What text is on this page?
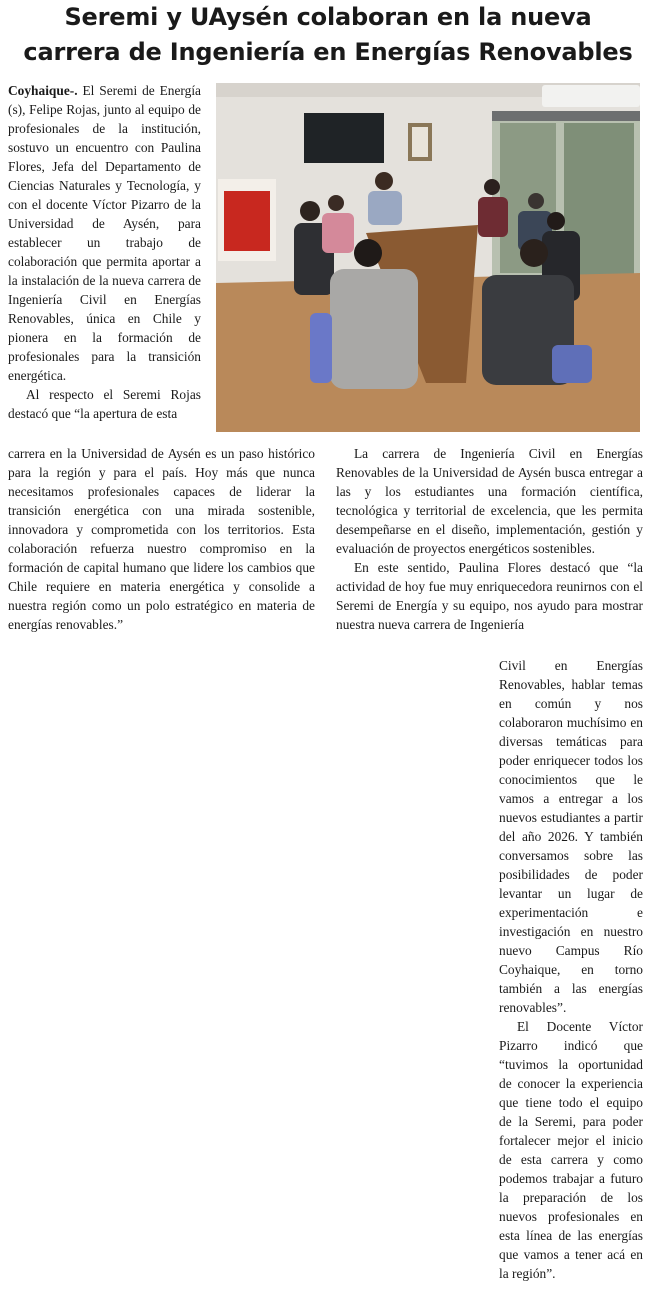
Seremi y UAysén colaboran en la nueva
carrera de Ingeniería en Energías Renovables

Coyhaique-. El Seremi de Energía (s), Felipe Rojas, junto al equipo de profesionales de la institución, sostuvo un encuentro con Paulina Flores, Jefa del Departamento de Ciencias Naturales y Tecnología, y con el docente Víctor Pizarro de la Universidad de Aysén, para establecer un trabajo de colaboración que permita aportar a la instalación de la nueva carrera de Ingeniería Civil en Energías Renovables, única en Chile y pionera en la formación de profesionales para la transición energética.

Al respecto el Seremi Rojas destacó que “la apertura de esta

carrera en la Universidad de Aysén es un paso histórico para la región y para el país. Hoy más que nunca necesitamos profesionales capaces de liderar la transición energética con una mirada sostenible, innovadora y comprometida con los territorios. Esta colaboración refuerza nuestro compromiso en la formación de capital humano que lidere los cambios que Chile requiere en materia energética y consolide a nuestra región como un polo estratégico en materia de energías renovables.”

La carrera de Ingeniería Civil en Energías Renovables de la Universidad de Aysén busca entregar a las y los estudiantes una formación científica, tecnológica y territorial de excelencia, que les permita desempeñarse en el diseño, implementación, gestión y evaluación de proyectos energéticos sostenibles.

En este sentido, Paulina Flores destacó que “la actividad de hoy fue muy enriquecedora reunirnos con el Seremi de Energía y su equipo, nos ayudo para mostrar nuestra nueva carrera de Ingeniería

Civil en Energías Renovables, hablar temas en común y nos colaboraron muchísimo en diversas temáticas para poder enriquecer todos los conocimientos que le vamos a entregar a los nuevos estudiantes a partir del año 2026. Y también conversamos sobre las posibilidades de poder levantar un lugar de experimentación e investigación en nuestro nuevo Campus Río Coyhaique, en torno también a las energías renovables”.

El Docente Víctor Pizarro indicó que “tuvimos la oportunidad de conocer la experiencia que tiene todo el equipo de la Seremi, para poder fortalecer mejor el inicio de esta carrera y como podemos trabajar a futuro la preparación de los nuevos profesionales en esta línea de las energías que vamos a tener acá en la región”.
